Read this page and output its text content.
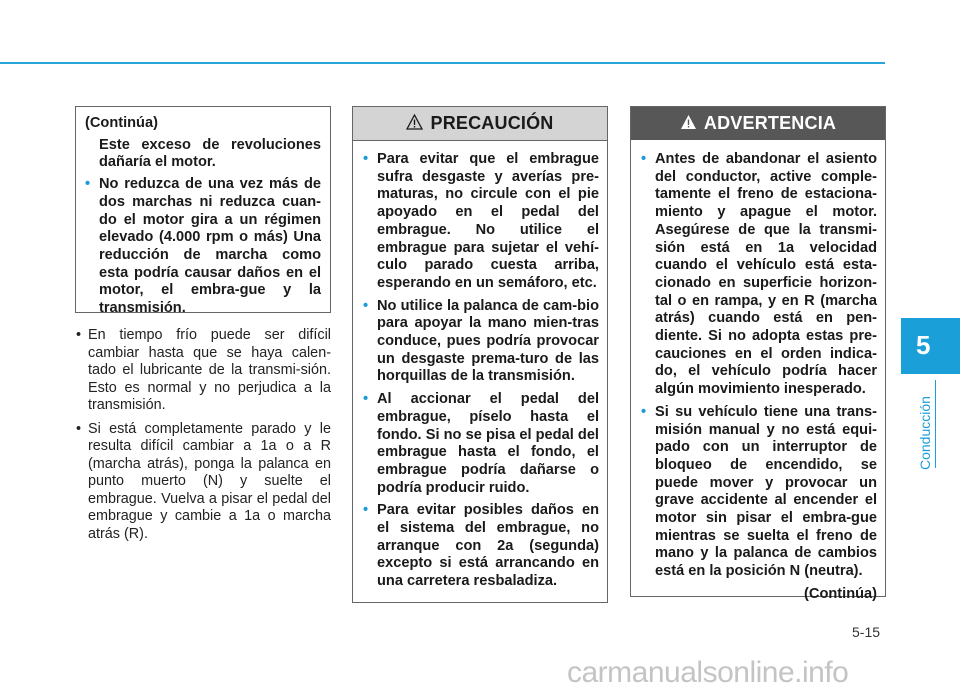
(Continúa)
Este exceso de revoluciones dañaría el motor.
• No reduzca de una vez más de dos marchas ni reduzca cuan-do el motor gira a un régimen elevado (4.000 rpm o más) Una reducción de marcha como esta podría causar daños en el motor, el embra-gue y la transmisión.
• En tiempo frío puede ser difícil cambiar hasta que se haya calen-tado el lubricante de la transmi-sión. Esto es normal y no perjudica a la transmisión.
• Si está completamente parado y le resulta difícil cambiar a 1a o a R (marcha atrás), ponga la palanca en punto muerto (N) y suelte el embrague. Vuelva a pisar el pedal del embrague y cambie a 1a o marcha atrás (R).
PRECAUCIÓN
• Para evitar que el embrague sufra desgaste y averías pre-maturas, no circule con el pie apoyado en el pedal del embrague. No utilice el embrague para sujetar el vehí-culo parado cuesta arriba, esperando en un semáforo, etc.
• No utilice la palanca de cam-bio para apoyar la mano mien-tras conduce, pues podría provocar un desgaste prema-turo de las horquillas de la transmisión.
• Al accionar el pedal del embrague, píselo hasta el fondo. Si no se pisa el pedal del embrague hasta el fondo, el embrague podría dañarse o podría producir ruido.
• Para evitar posibles daños en el sistema del embrague, no arranque con 2a (segunda) excepto si está arrancando en una carretera resbaladiza.
ADVERTENCIA
• Antes de abandonar el asiento del conductor, active comple-tamente el freno de estaciona-miento y apague el motor. Asegúrese de que la transmi-sión está en 1a velocidad cuando el vehículo está esta-cionado en superficie horizon-tal o en rampa, y en R (marcha atrás) cuando está en pen-diente. Si no adopta estas pre-cauciones en el orden indica-do, el vehículo podría hacer algún movimiento inesperado.
• Si su vehículo tiene una trans-misión manual y no está equi-pado con un interruptor de bloqueo de encendido, se puede mover y provocar un grave accidente al encender el motor sin pisar el embra-gue mientras se suelta el freno de mano y la palanca de cambios está en la posición N (neutra).
(Continúa)
5
Conducción
5-15
carmanualsonline.info
